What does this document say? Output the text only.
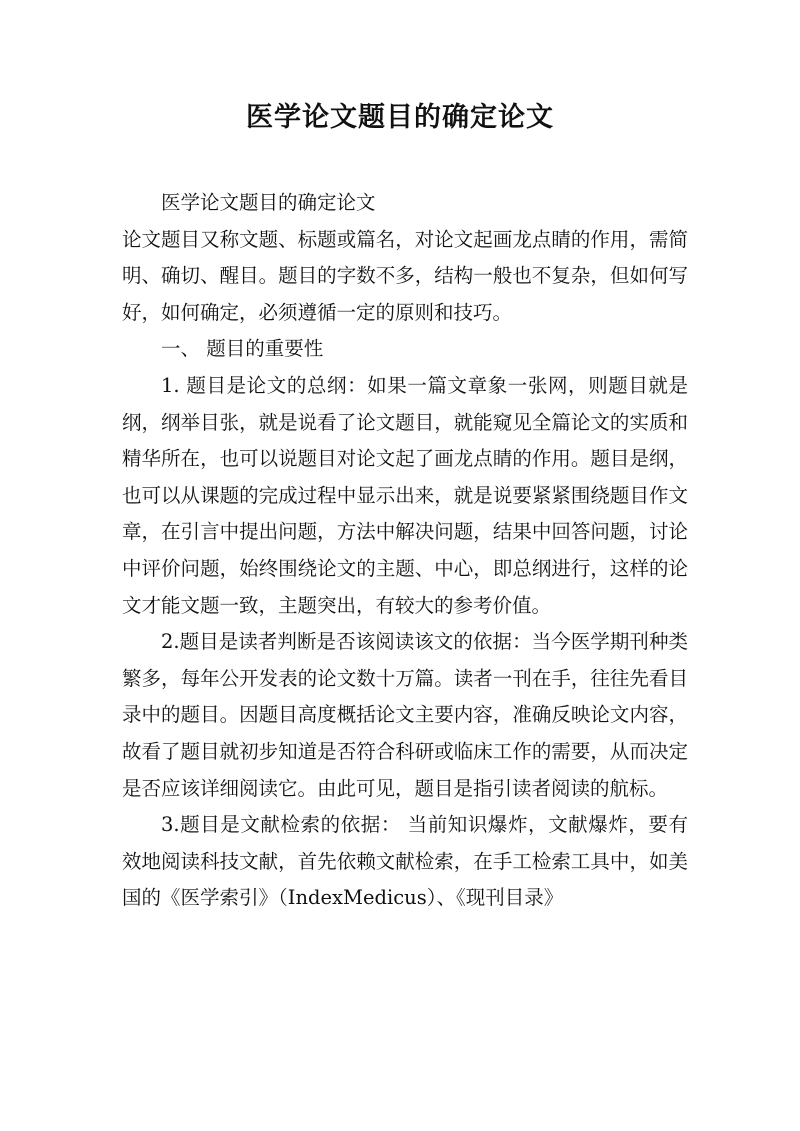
医学论文题目的确定论文

医学论文题目的确定论文

论文题目又称文题、标题或篇名，对论文起画龙点睛的作用，需简明、确切、醒目。题目的字数不多，结构一般也不复杂，但如何写好，如何确定，必须遵循一定的原则和技巧。

一、 题目的重要性

1. 题目是论文的总纲：如果一篇文章象一张网，则题目就是纲，纲举目张，就是说看了论文题目，就能窥见全篇论文的实质和精华所在，也可以说题目对论文起了画龙点睛的作用。题目是纲，也可以从课题的完成过程中显示出来，就是说要紧紧围绕题目作文章，在引言中提出问题，方法中解决问题，结果中回答问题，讨论中评价问题，始终围绕论文的主题、中心，即总纲进行，这样的论文才能文题一致，主题突出，有较大的参考价值。

2.题目是读者判断是否该阅读该文的依据：当今医学期刊种类繁多，每年公开发表的论文数十万篇。读者一刊在手，往往先看目录中的题目。因题目高度概括论文主要内容，准确反映论文内容，故看了题目就初步知道是否符合科研或临床工作的需要，从而决定是否应该详细阅读它。由此可见，题目是指引读者阅读的航标。

3.题目是文献检索的依据： 当前知识爆炸，文献爆炸，要有效地阅读科技文献，首先依赖文献检索，在手工检索工具中，如美国的《医学索引》（IndexMedicus）、《现刊目录》
